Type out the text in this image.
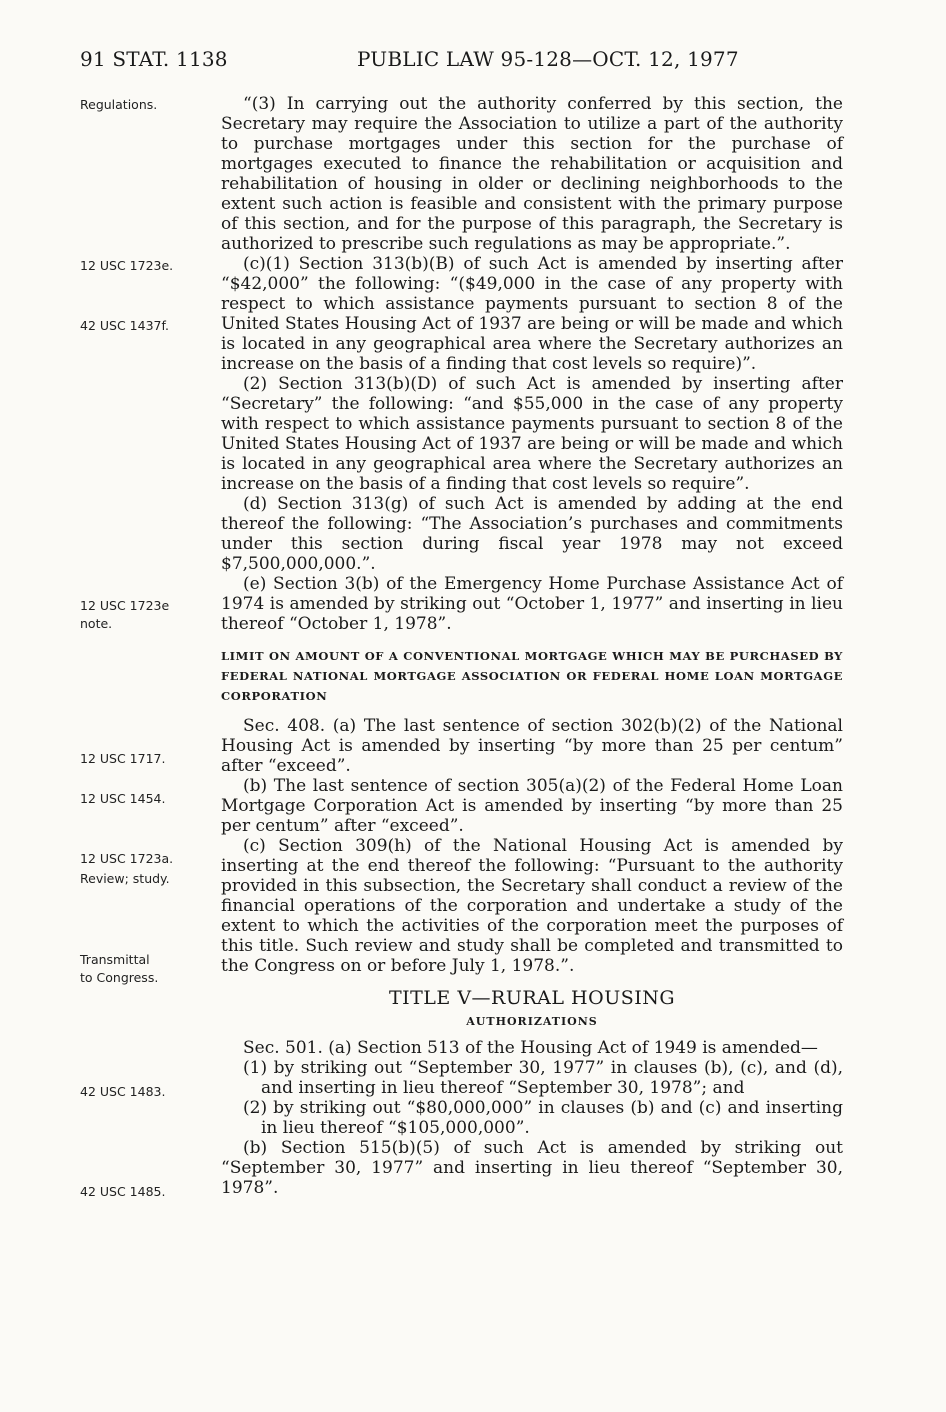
91 STAT. 1138	PUBLIC LAW 95-128—OCT. 12, 1977
Regulations.
12 USC 1723e.
42 USC 1437f.
12 USC 1723e
note.
12 USC 1717.
12 USC 1454.
12 USC 1723a.
Review; study.
Transmittal
to Congress.
42 USC 1483.
42 USC 1485.

“(3) In carrying out the authority conferred by this section, the Secretary may require the Association to utilize a part of the authority to purchase mortgages under this section for the purchase of mortgages executed to finance the rehabilitation or acquisition and rehabilitation of housing in older or declining neighborhoods to the extent such action is feasible and consistent with the primary purpose of this section, and for the purpose of this paragraph, the Secretary is authorized to prescribe such regulations as may be appropriate.”.

(c)(1) Section 313(b)(B) of such Act is amended by inserting after “$42,000” the following: “($49,000 in the case of any property with respect to which assistance payments pursuant to section 8 of the United States Housing Act of 1937 are being or will be made and which is located in any geographical area where the Secretary authorizes an increase on the basis of a finding that cost levels so require)”.

(2) Section 313(b)(D) of such Act is amended by inserting after “Secretary” the following: “and $55,000 in the case of any property with respect to which assistance payments pursuant to section 8 of the United States Housing Act of 1937 are being or will be made and which is located in any geographical area where the Secretary authorizes an increase on the basis of a finding that cost levels so require”.

(d) Section 313(g) of such Act is amended by adding at the end thereof the following: “The Association’s purchases and commitments under this section during fiscal year 1978 may not exceed $7,500,000,000.”.

(e) Section 3(b) of the Emergency Home Purchase Assistance Act of 1974 is amended by striking out “October 1, 1977” and inserting in lieu thereof “October 1, 1978”.

LIMIT ON AMOUNT OF A CONVENTIONAL MORTGAGE WHICH MAY BE PURCHASED BY FEDERAL NATIONAL MORTGAGE ASSOCIATION OR FEDERAL HOME LOAN MORTGAGE CORPORATION

Sec. 408. (a) The last sentence of section 302(b)(2) of the National Housing Act is amended by inserting “by more than 25 per centum” after “exceed”.

(b) The last sentence of section 305(a)(2) of the Federal Home Loan Mortgage Corporation Act is amended by inserting “by more than 25 per centum” after “exceed”.

(c) Section 309(h) of the National Housing Act is amended by inserting at the end thereof the following: “Pursuant to the authority provided in this subsection, the Secretary shall conduct a review of the financial operations of the corporation and undertake a study of the extent to which the activities of the corporation meet the purposes of this title. Such review and study shall be completed and transmitted to the Congress on or before July 1, 1978.”.

TITLE V—RURAL HOUSING

AUTHORIZATIONS

Sec. 501. (a) Section 513 of the Housing Act of 1949 is amended—

(1) by striking out “September 30, 1977” in clauses (b), (c), and (d), and inserting in lieu thereof “September 30, 1978”; and

(2) by striking out “$80,000,000” in clauses (b) and (c) and inserting in lieu thereof “$105,000,000”.

(b) Section 515(b)(5) of such Act is amended by striking out “September 30, 1977” and inserting in lieu thereof “September 30, 1978”.
